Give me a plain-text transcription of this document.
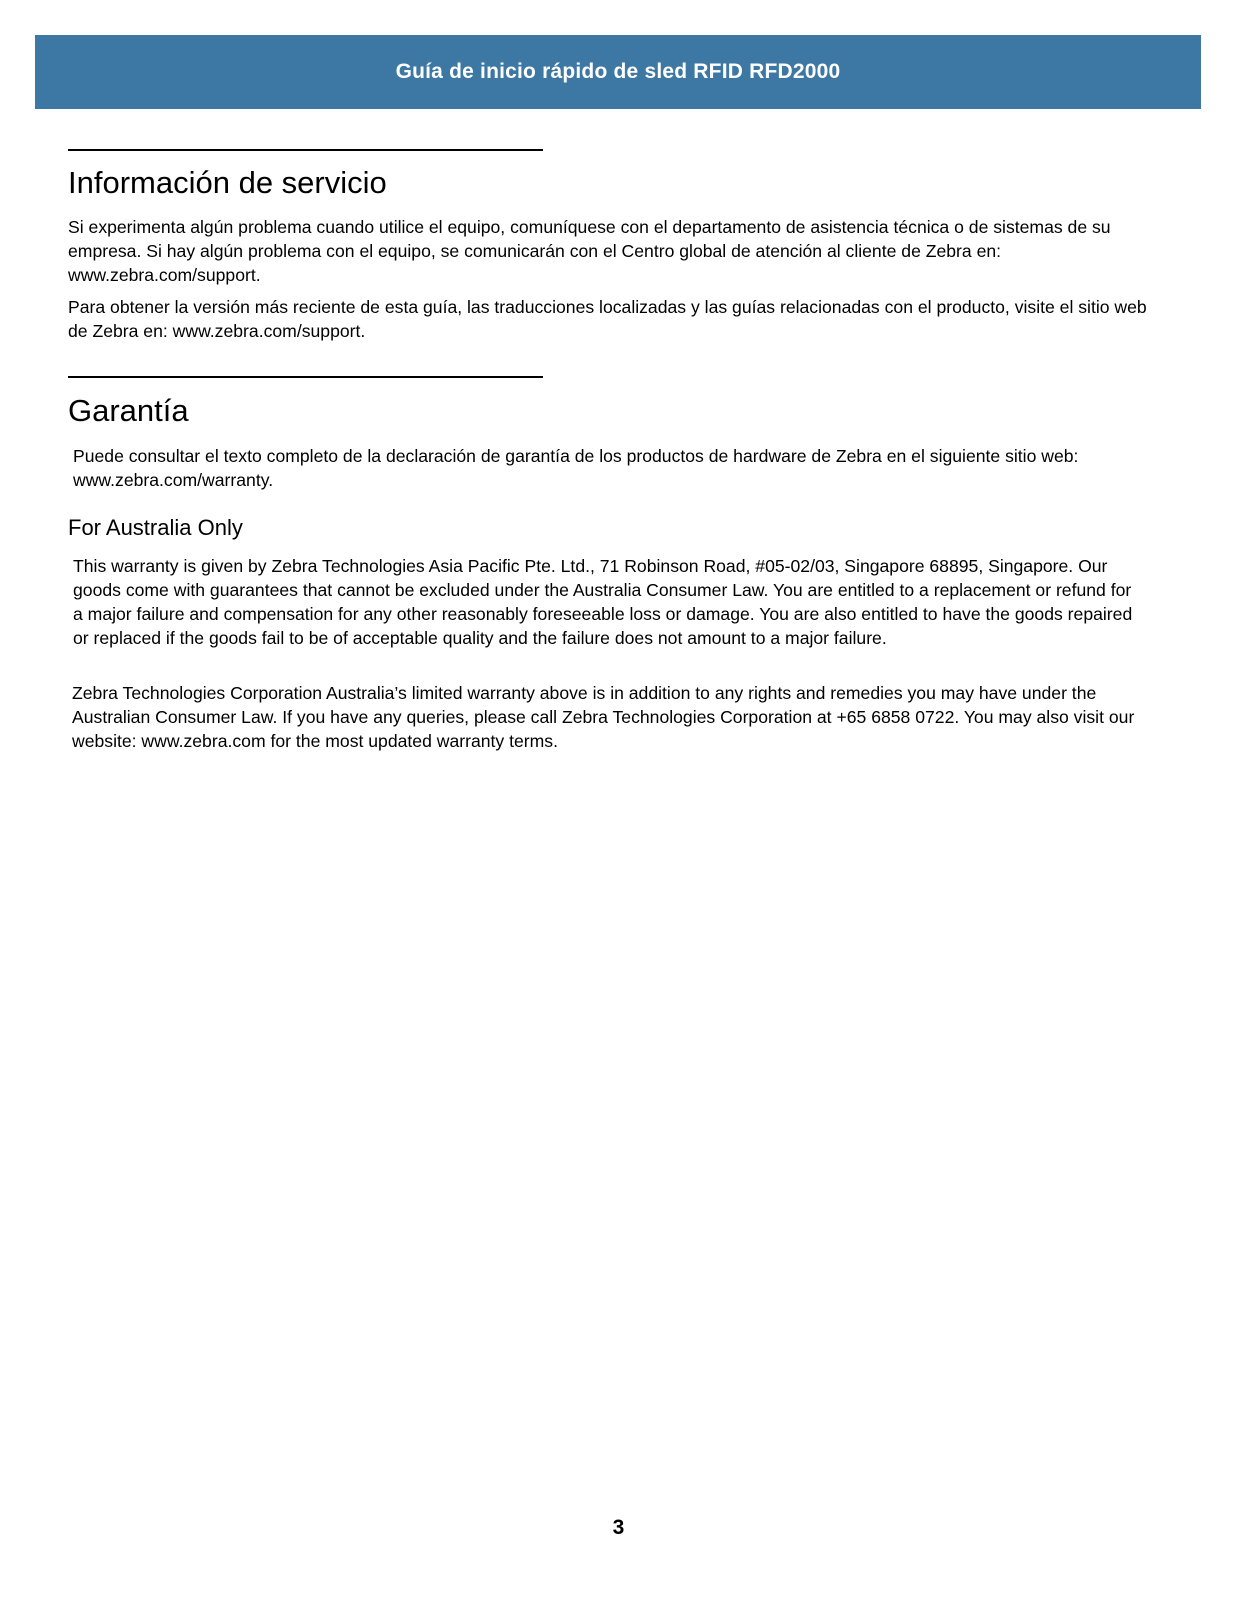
Guía de inicio rápido de sled RFID RFD2000
Información de servicio

Si experimenta algún problema cuando utilice el equipo, comuníquese con el departamento de asistencia técnica o de sistemas de su empresa. Si hay algún problema con el equipo, se comunicarán con el Centro global de atención al cliente de Zebra en: www.zebra.com/support.

Para obtener la versión más reciente de esta guía, las traducciones localizadas y las guías relacionadas con el producto, visite el sitio web de Zebra en: www.zebra.com/support.

Garantía

Puede consultar el texto completo de la declaración de garantía de los productos de hardware de Zebra en el siguiente sitio web: www.zebra.com/warranty.

For Australia Only

This warranty is given by Zebra Technologies Asia Pacific Pte. Ltd., 71 Robinson Road, #05-02/03, Singapore 68895, Singapore. Our goods come with guarantees that cannot be excluded under the Australia Consumer Law. You are entitled to a replacement or refund for a major failure and compensation for any other reasonably foreseeable loss or damage. You are also entitled to have the goods repaired or replaced if the goods fail to be of acceptable quality and the failure does not amount to a major failure.

Zebra Technologies Corporation Australia’s limited warranty above is in addition to any rights and remedies you may have under the Australian Consumer Law. If you have any queries, please call Zebra Technologies Corporation at +65 6858 0722. You may also visit our website: www.zebra.com for the most updated warranty terms.

3
